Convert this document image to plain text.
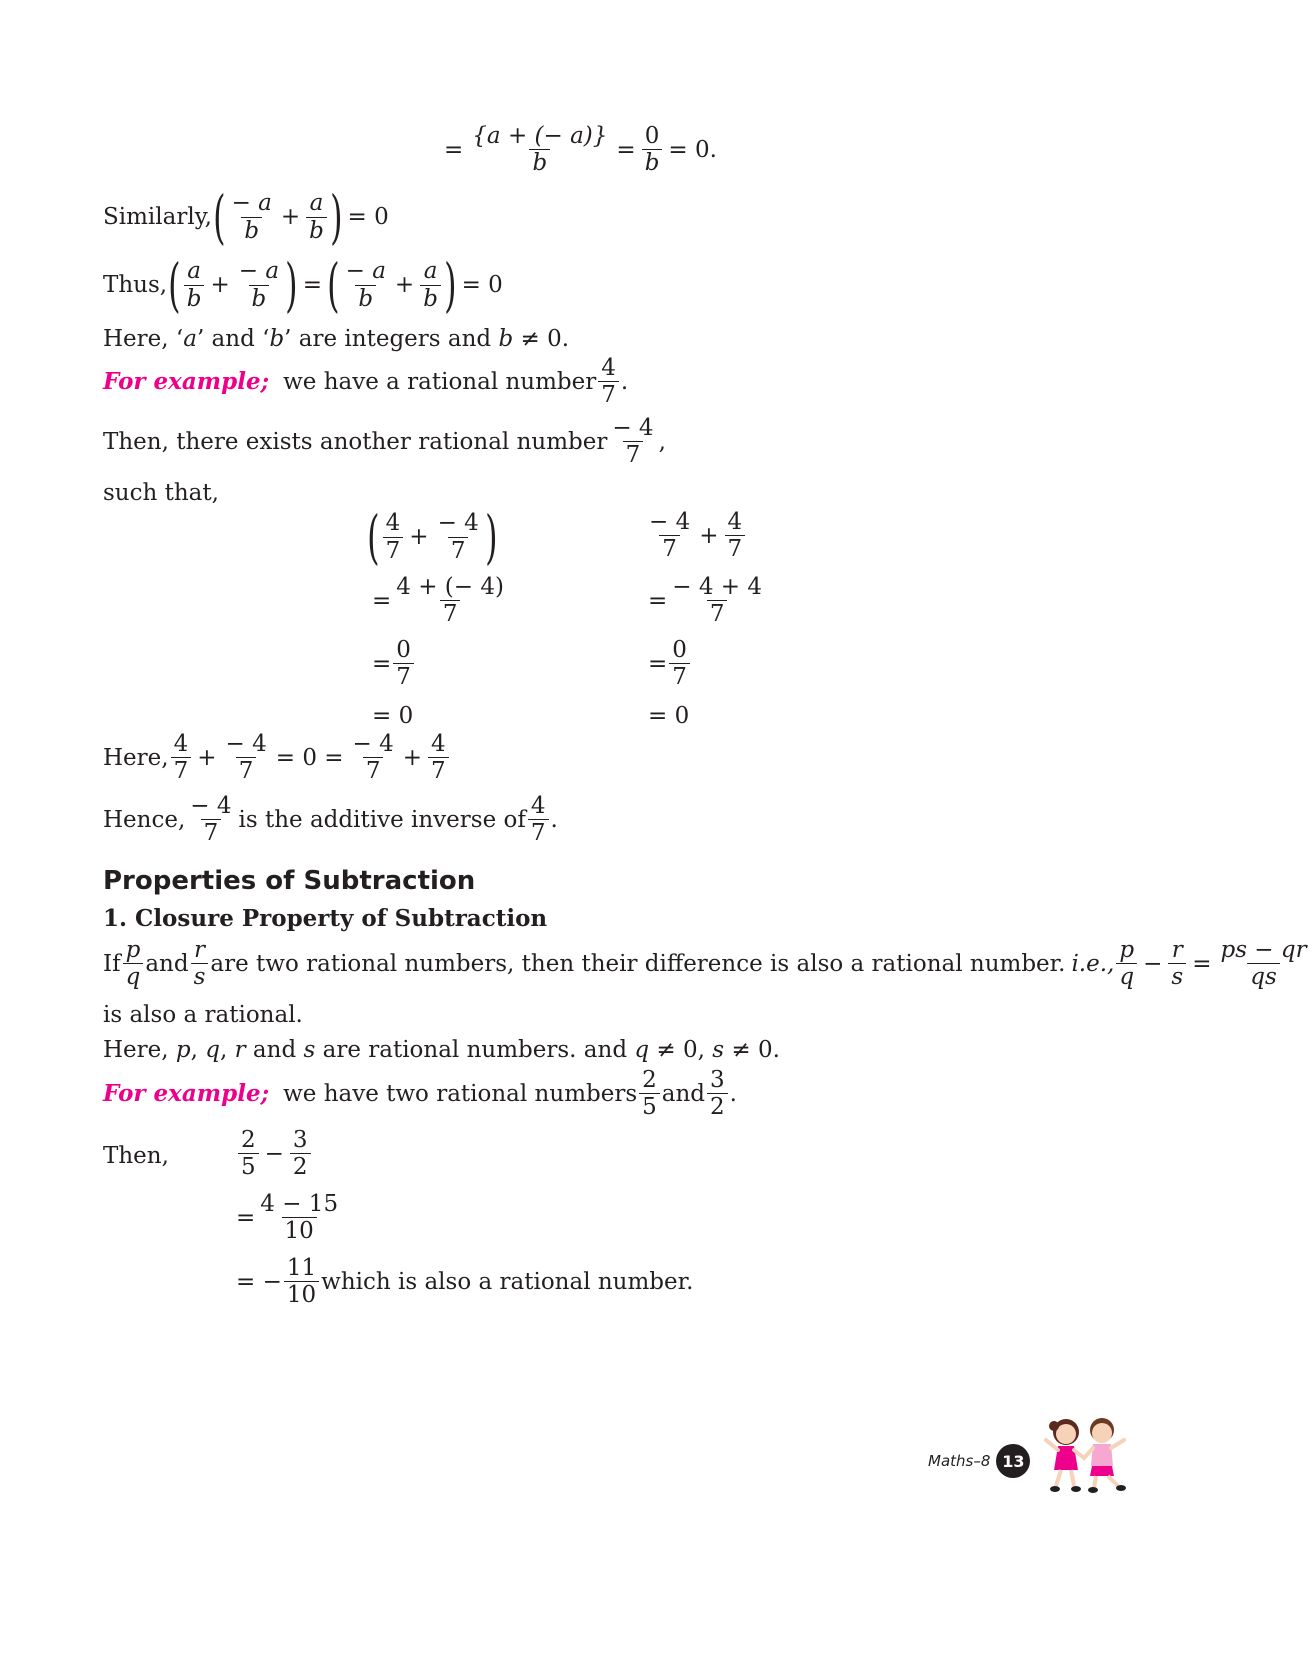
= $\frac{\{a + (- a)\}}{b} = \frac{0}{b} = 0$.
Similarly, ( $\frac{- a}{b} + \frac{a}{b}$ ) = 0
Thus, ( $\frac{a}{b} + \frac{- a}{b}$ ) = ( $\frac{- a}{b} + \frac{a}{b}$ ) = 0
Here, ‘a’ and ‘b’ are integers and b ≠ 0.
For example; we have a rational number $\frac{4}{7}$ .
Then, there exists another rational number $\frac{- 4}{7}$ ,
such that,
( $\frac{4}{7} + \frac{- 4}{7}$ )
= $\frac{4 + (- 4)}{7}$
= $\frac{0}{7}$
= 0
$\frac{- 4}{7} + \frac{4}{7}$
= $\frac{- 4 + 4}{7}$
= $\frac{0}{7}$
= 0
Here, $\frac{4}{7} + \frac{- 4}{7} = 0 = \frac{- 4}{7} + \frac{4}{7}$
Hence, $\frac{- 4}{7}$ is the additive inverse of $\frac{4}{7}$ .
Properties of Subtraction
1. Closure Property of Subtraction
If $\frac{p}{q}$ and $\frac{r}{s}$ are two rational numbers, then their difference is also a rational number. i.e., $\frac{p}{q} - \frac{r}{s} = \frac{ps - qr}{qs}$
is also a rational.
Here, p, q, r and s are rational numbers. and q ≠ 0, s ≠ 0.
For example; we have two rational numbers $\frac{2}{5}$ and $\frac{3}{2}$ .
Then,	$\frac{2}{5} - \frac{3}{2}$
= $\frac{4 - 15}{10}$
= − $\frac{11}{10}$ which is also a rational number.
Maths–8 13
